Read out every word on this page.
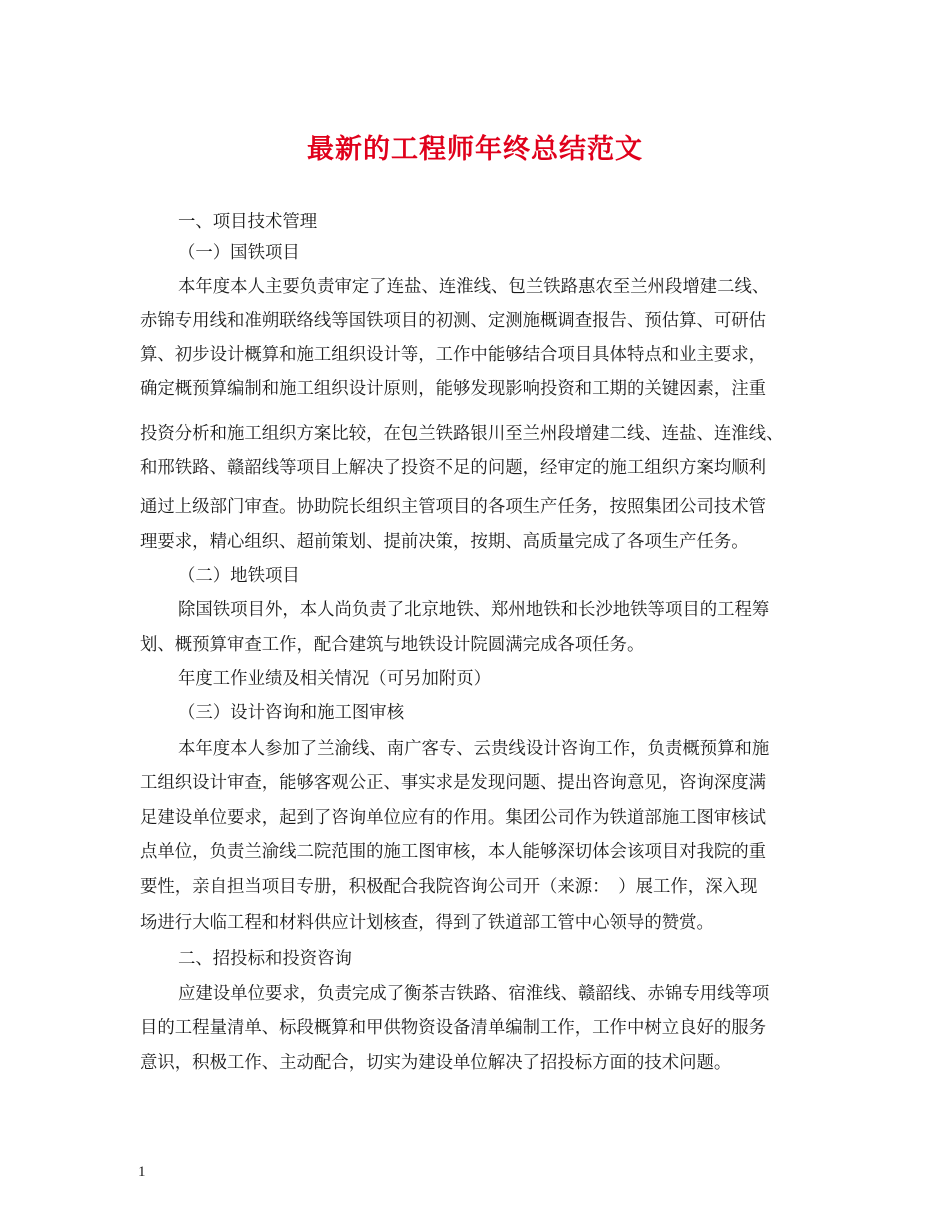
最新的工程师年终总结范文
一、项目技术管理
（一）国铁项目
本年度本人主要负责审定了连盐、连淮线、包兰铁路惠农至兰州段增建二线、
赤锦专用线和准朔联络线等国铁项目的初测、定测施概调查报告、预估算、可研估
算、初步设计概算和施工组织设计等，工作中能够结合项目具体特点和业主要求，
确定概预算编制和施工组织设计原则，能够发现影响投资和工期的关键因素，注重
投资分析和施工组织方案比较，在包兰铁路银川至兰州段增建二线、连盐、连淮线、
和邢铁路、赣韶线等项目上解决了投资不足的问题，经审定的施工组织方案均顺利
通过上级部门审查。协助院长组织主管项目的各项生产任务，按照集团公司技术管
理要求，精心组织、超前策划、提前决策，按期、高质量完成了各项生产任务。
（二）地铁项目
除国铁项目外，本人尚负责了北京地铁、郑州地铁和长沙地铁等项目的工程筹
划、概预算审查工作，配合建筑与地铁设计院圆满完成各项任务。
年度工作业绩及相关情况（可另加附页）
（三）设计咨询和施工图审核
本年度本人参加了兰渝线、南广客专、云贵线设计咨询工作，负责概预算和施
工组织设计审查，能够客观公正、事实求是发现问题、提出咨询意见，咨询深度满
足建设单位要求，起到了咨询单位应有的作用。集团公司作为铁道部施工图审核试
点单位，负责兰渝线二院范围的施工图审核，本人能够深切体会该项目对我院的重
要性，亲自担当项目专册，积极配合我院咨询公司开（来源：　）展工作，深入现
场进行大临工程和材料供应计划核查，得到了铁道部工管中心领导的赞赏。
二、招投标和投资咨询
应建设单位要求，负责完成了衡茶吉铁路、宿淮线、赣韶线、赤锦专用线等项
目的工程量清单、标段概算和甲供物资设备清单编制工作，工作中树立良好的服务
意识，积极工作、主动配合，切实为建设单位解决了招投标方面的技术问题。
1
